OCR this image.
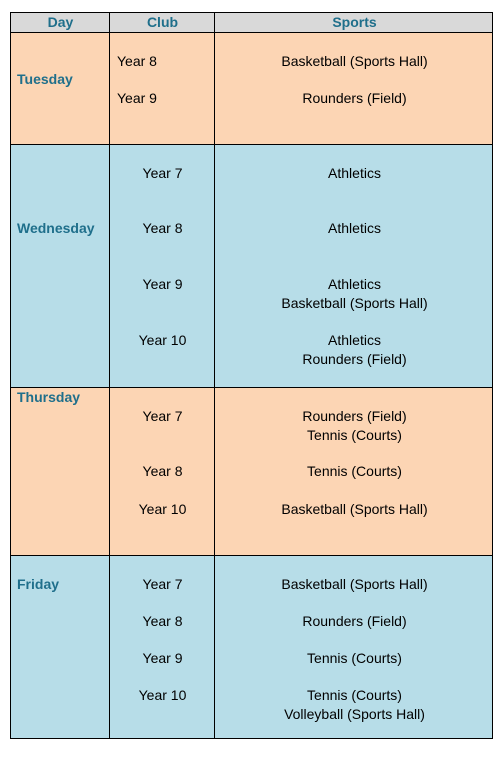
Day	Club	Sports
Tuesday
Year 8	Basketball (Sports Hall)
Year 9	Rounders (Field)
Wednesday
Year 7	Athletics
Year 8	Athletics
Year 9	Athletics
Basketball (Sports Hall)
Year 10	Athletics
Rounders (Field)
Thursday
Year 7	Rounders (Field)
Tennis (Courts)
Year 8	Tennis (Courts)
Year 10	Basketball (Sports Hall)
Friday	Year 7	Basketball (Sports Hall)
Year 8	Rounders (Field)
Year 9	Tennis (Courts)
Year 10	Tennis (Courts)
Volleyball (Sports Hall)
